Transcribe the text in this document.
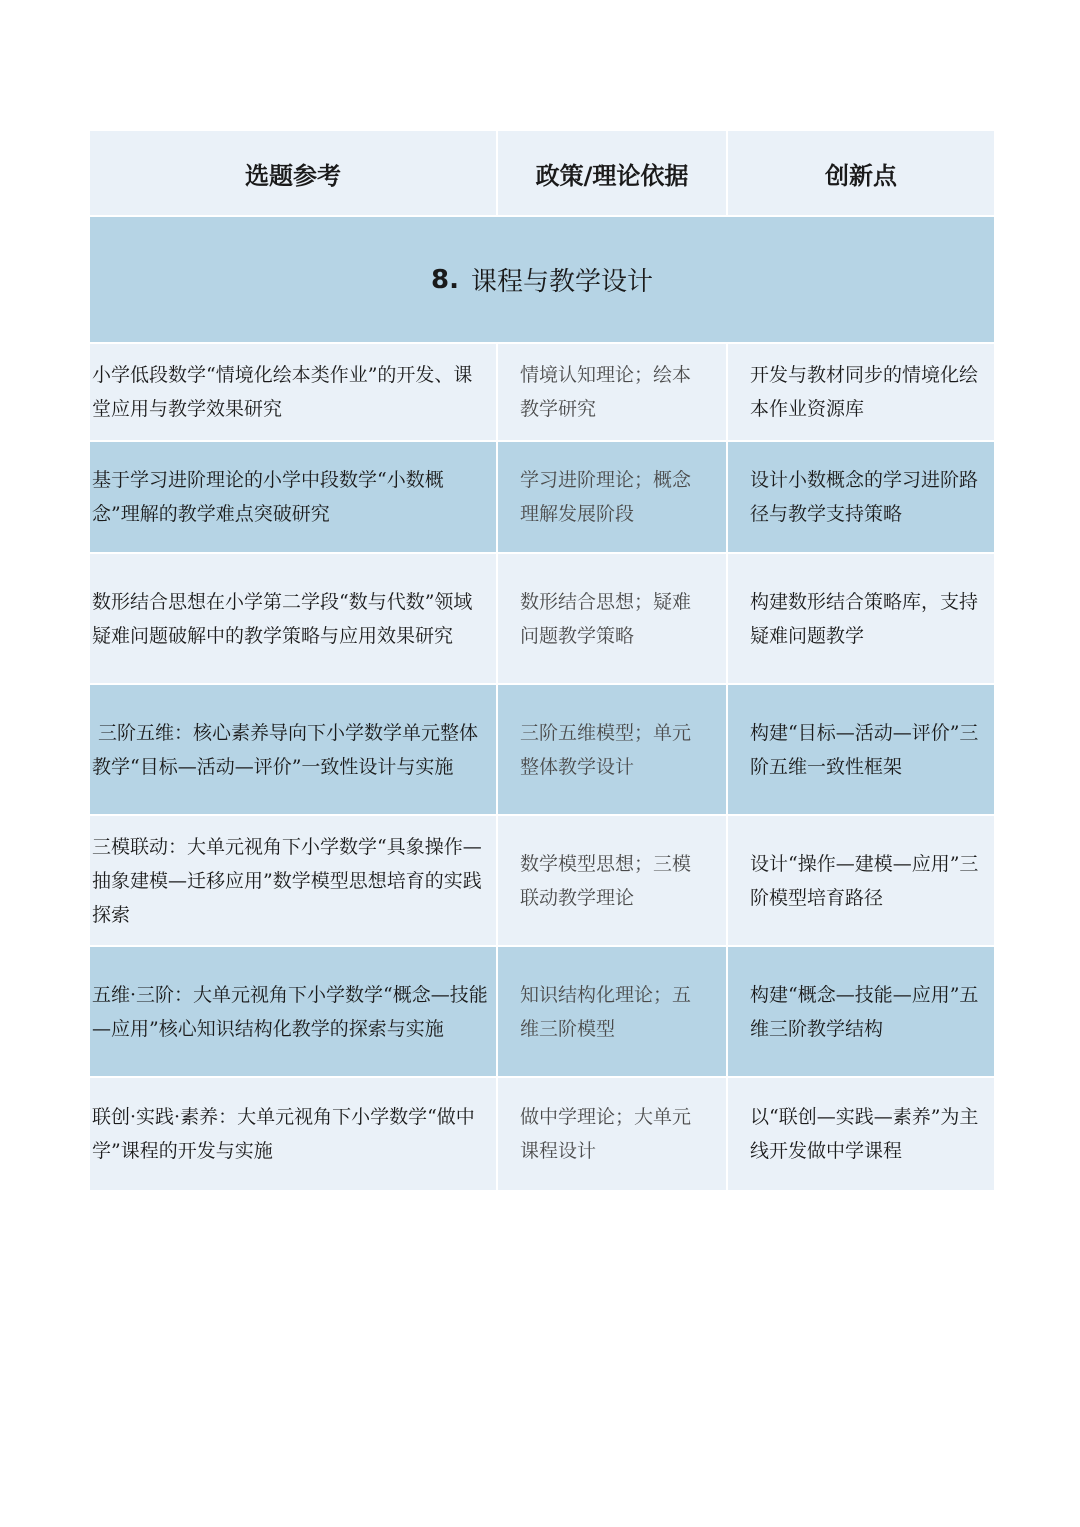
选题参考	政策/理论依据	创新点
8. 课程与教学设计
小学低段数学“情境化绘本类作业”的开发、课堂应用与教学效果研究
情境认知理论；绘本教学研究
开发与教材同步的情境化绘本作业资源库
基于学习进阶理论的小学中段数学“小数概念”理解的教学难点突破研究
学习进阶理论；概念理解发展阶段
设计小数概念的学习进阶路径与教学支持策略
数形结合思想在小学第二学段“数与代数”领域疑难问题破解中的教学策略与应用效果研究
数形结合思想；疑难问题教学策略
构建数形结合策略库，支持疑难问题教学
三阶五维：核心素养导向下小学数学单元整体教学“目标—活动—评价”一致性设计与实施
三阶五维模型；单元整体教学设计
构建“目标—活动—评价”三阶五维一致性框架
三模联动：大单元视角下小学数学“具象操作—抽象建模—迁移应用”数学模型思想培育的实践探索
数学模型思想；三模联动教学理论
设计“操作—建模—应用”三阶模型培育路径
五维·三阶：大单元视角下小学数学“概念—技能—应用”核心知识结构化教学的探索与实施
知识结构化理论；五维三阶模型
构建“概念—技能—应用”五维三阶教学结构
联创·实践·素养：大单元视角下小学数学“做中学”课程的开发与实施
做中学理论；大单元课程设计
以“联创—实践—素养”为主线开发做中学课程
